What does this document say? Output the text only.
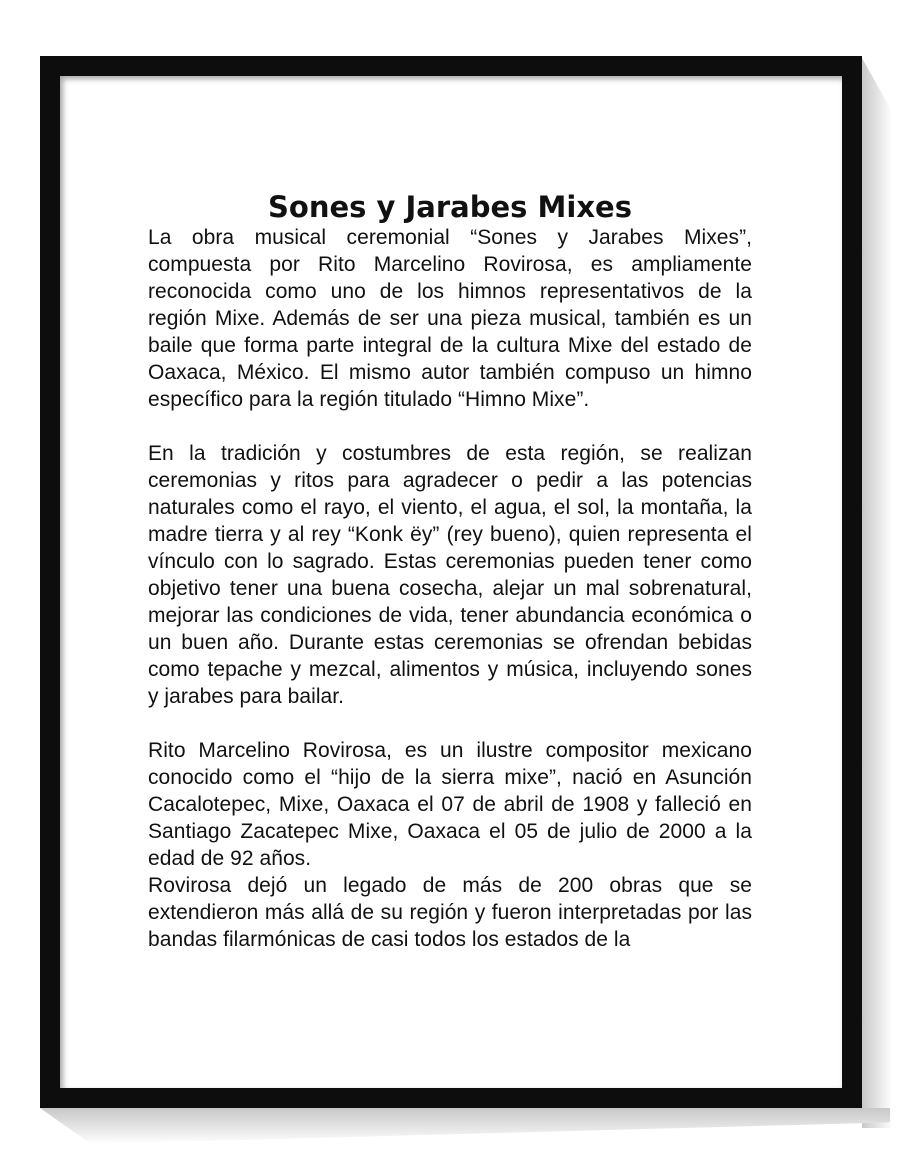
Sones y Jarabes Mixes

La obra musical ceremonial “Sones y Jarabes Mixes”, compuesta por Rito Marcelino Rovirosa, es ampliamente reconocida como uno de los himnos representativos de la región Mixe. Además de ser una pieza musical, también es un baile que forma parte integral de la cultura Mixe del estado de Oaxaca, México. El mismo autor también compuso un himno específico para la región titulado “Himno Mixe”.

En la tradición y costumbres de esta región, se realizan ceremonias y ritos para agradecer o pedir a las potencias naturales como el rayo, el viento, el agua, el sol, la montaña, la madre tierra y al rey “Konk ëy” (rey bueno), quien representa el vínculo con lo sagrado. Estas ceremonias pueden tener como objetivo tener una buena cosecha, alejar un mal sobrenatural, mejorar las condiciones de vida, tener abundancia económica o un buen año. Durante estas ceremonias se ofrendan bebidas como tepache y mezcal, alimentos y música, incluyendo sones y jarabes para bailar.

Rito Marcelino Rovirosa, es un ilustre compositor mexicano conocido como el “hijo de la sierra mixe”, nació en Asunción Cacalotepec, Mixe, Oaxaca el 07 de abril de 1908 y falleció en Santiago Zacatepec Mixe, Oaxaca el 05 de julio de 2000 a la edad de 92 años.

Rovirosa dejó un legado de más de 200 obras que se extendieron más allá de su región y fueron interpretadas por las bandas filarmónicas de casi todos los estados de la
